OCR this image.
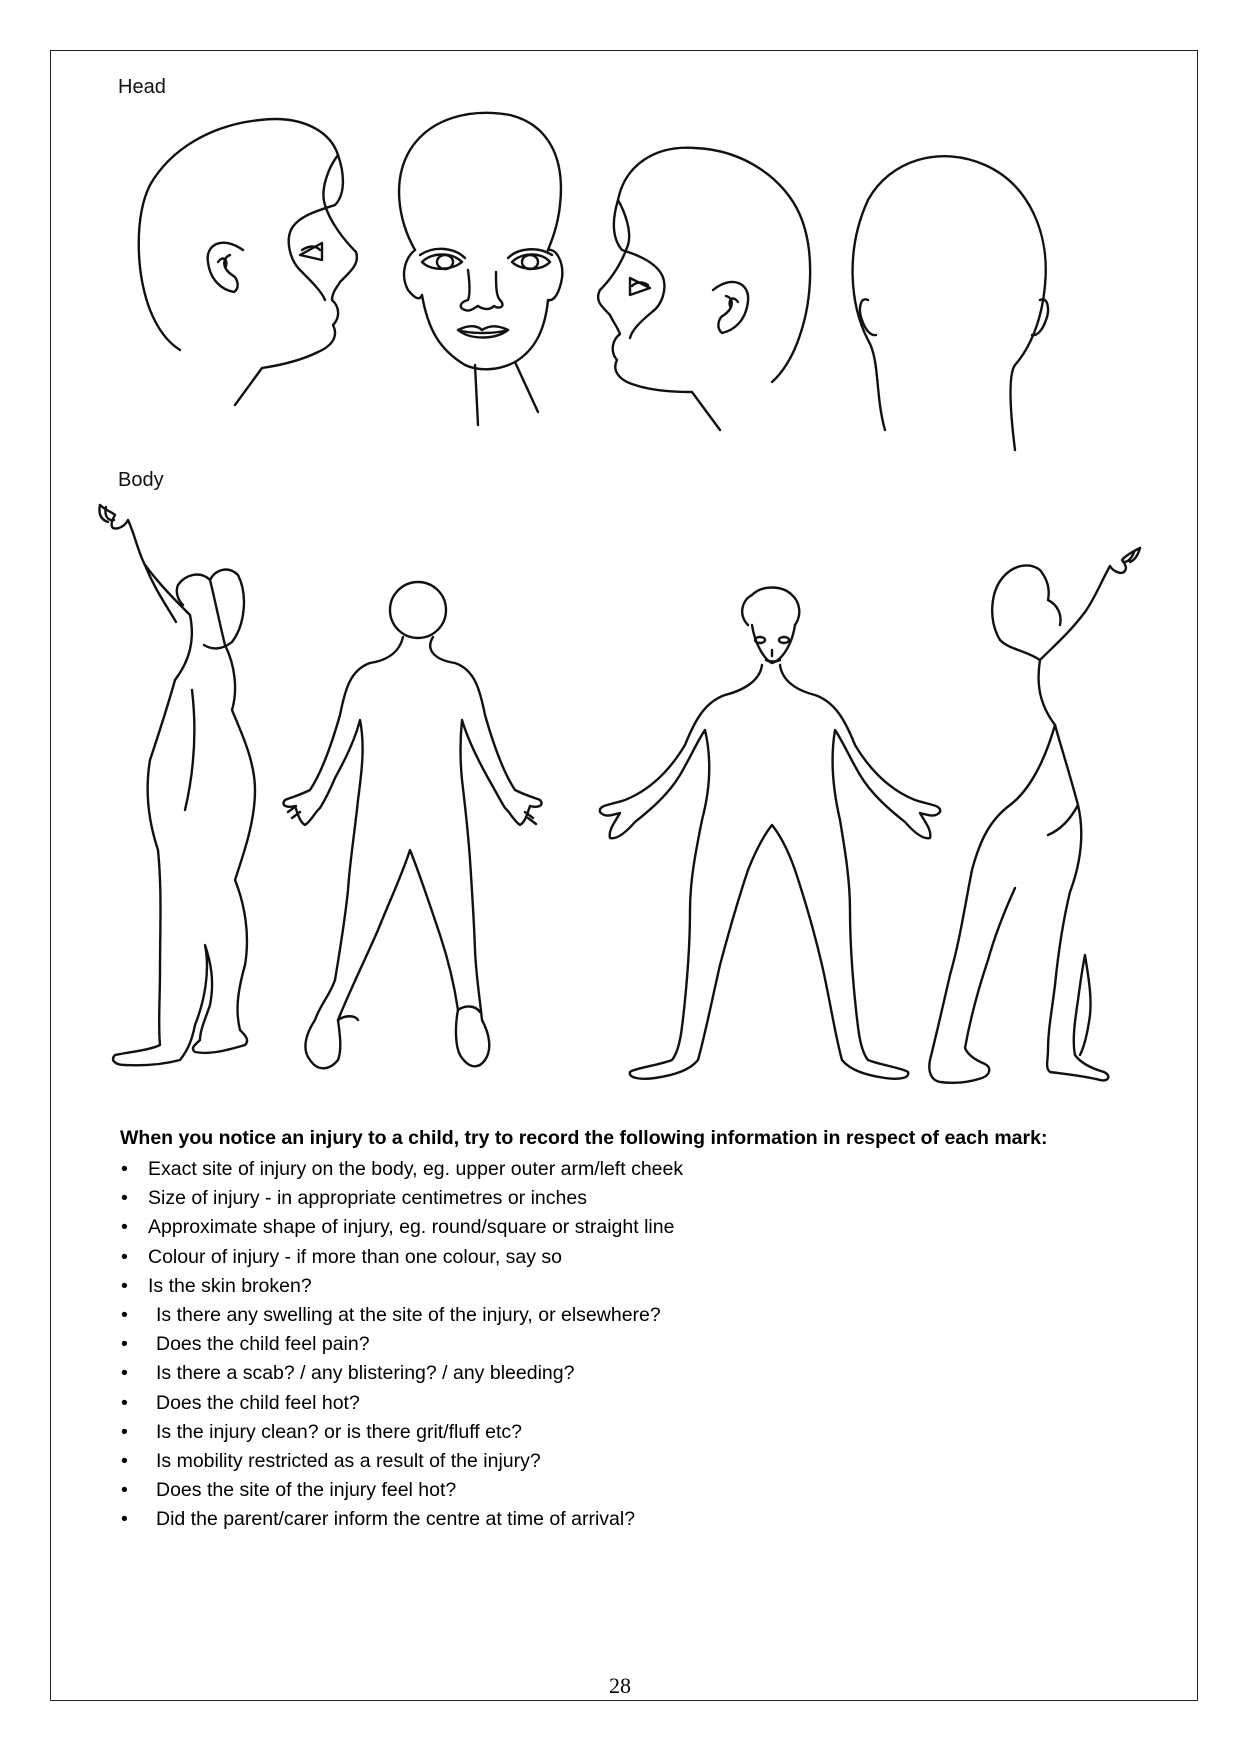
Head
Body
When you notice an injury to a child, try to record the following information in respect of each mark:
• Exact site of injury on the body, eg. upper outer arm/left cheek
• Size of injury - in appropriate centimetres or inches
• Approximate shape of injury, eg. round/square or straight line
• Colour of injury - if more than one colour, say so
• Is the skin broken?
• Is there any swelling at the site of the injury, or elsewhere?
• Does the child feel pain?
• Is there a scab? / any blistering? / any bleeding?
• Does the child feel hot?
• Is the injury clean? or is there grit/fluff etc?
• Is mobility restricted as a result of the injury?
• Does the site of the injury feel hot?
• Did the parent/carer inform the centre at time of arrival?
28
